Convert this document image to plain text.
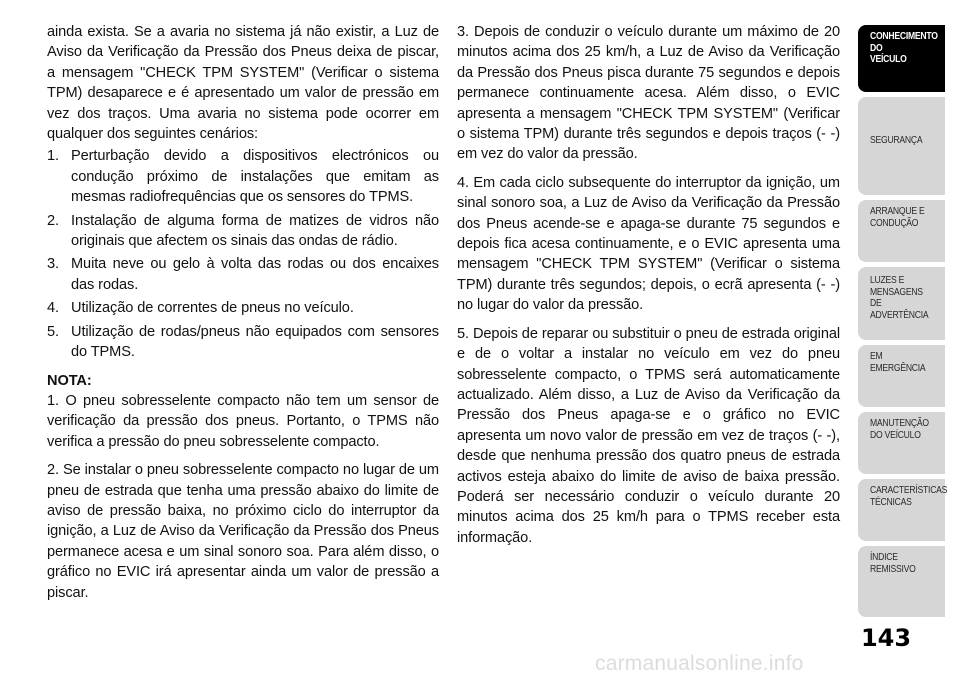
ainda exista. Se a avaria no sistema já não existir, a Luz de Aviso da Verificação da Pressão dos Pneus deixa de piscar, a mensagem "CHECK TPM SYSTEM" (Verificar o sistema TPM) desaparece e é apresentado um valor de pressão em vez dos traços. Uma avaria no sistema pode ocorrer em qualquer dos seguintes cenários:

1. Perturbação devido a dispositivos electrónicos ou condução próximo de instalações que emitam as mesmas radiofrequências que os sensores do TPMS.
2. Instalação de alguma forma de matizes de vidros não originais que afectem os sinais das ondas de rádio.
3. Muita neve ou gelo à volta das rodas ou dos encaixes das rodas.
4. Utilização de correntes de pneus no veículo.
5. Utilização de rodas/pneus não equipados com sensores do TPMS.

NOTA:

1. O pneu sobresselente compacto não tem um sensor de verificação da pressão dos pneus. Portanto, o TPMS não verifica a pressão do pneu sobresselente compacto.

2. Se instalar o pneu sobresselente compacto no lugar de um pneu de estrada que tenha uma pressão abaixo do limite de aviso de pressão baixa, no próximo ciclo do interruptor da ignição, a Luz de Aviso da Verificação da Pressão dos Pneus permanece acesa e um sinal sonoro soa. Para além disso, o gráfico no EVIC irá apresentar ainda um valor de pressão a piscar.

3. Depois de conduzir o veículo durante um máximo de 20 minutos acima dos 25 km/h, a Luz de Aviso da Verificação da Pressão dos Pneus pisca durante 75 segundos e depois permanece continuamente acesa. Além disso, o EVIC apresenta a mensagem "CHECK TPM SYSTEM" (Verificar o sistema TPM) durante três segundos e depois traços (- -) em vez do valor da pressão.

4. Em cada ciclo subsequente do interruptor da ignição, um sinal sonoro soa, a Luz de Aviso da Verificação da Pressão dos Pneus acende-se e apaga-se durante 75 segundos e depois fica acesa continuamente, e o EVIC apresenta uma mensagem "CHECK TPM SYSTEM" (Verificar o sistema TPM) durante três segundos; depois, o ecrã apresenta (- -) no lugar do valor da pressão.

5. Depois de reparar ou substituir o pneu de estrada original e de o voltar a instalar no veículo em vez do pneu sobresselente compacto, o TPMS será automaticamente actualizado. Além disso, a Luz de Aviso da Verificação da Pressão dos Pneus apaga-se e o gráfico no EVIC apresenta um novo valor de pressão em vez de traços (- -), desde que nenhuma pressão dos quatro pneus de estrada activos esteja abaixo do limite de aviso de baixa pressão. Poderá ser necessário conduzir o veículo durante 20 minutos acima dos 25 km/h para o TPMS receber esta informação.

CONHECIMENTO
DO
VEÍCULO
SEGURANÇA
ARRANQUE E
CONDUÇÃO
LUZES E
MENSAGENS
DE
ADVERTÊNCIA
EM
EMERGÊNCIA
MANUTENÇÃO
DO VEÍCULO
CARACTERÍSTICAS
TÉCNICAS
ÍNDICE
REMISSIVO
143
carmanualsonline.info
